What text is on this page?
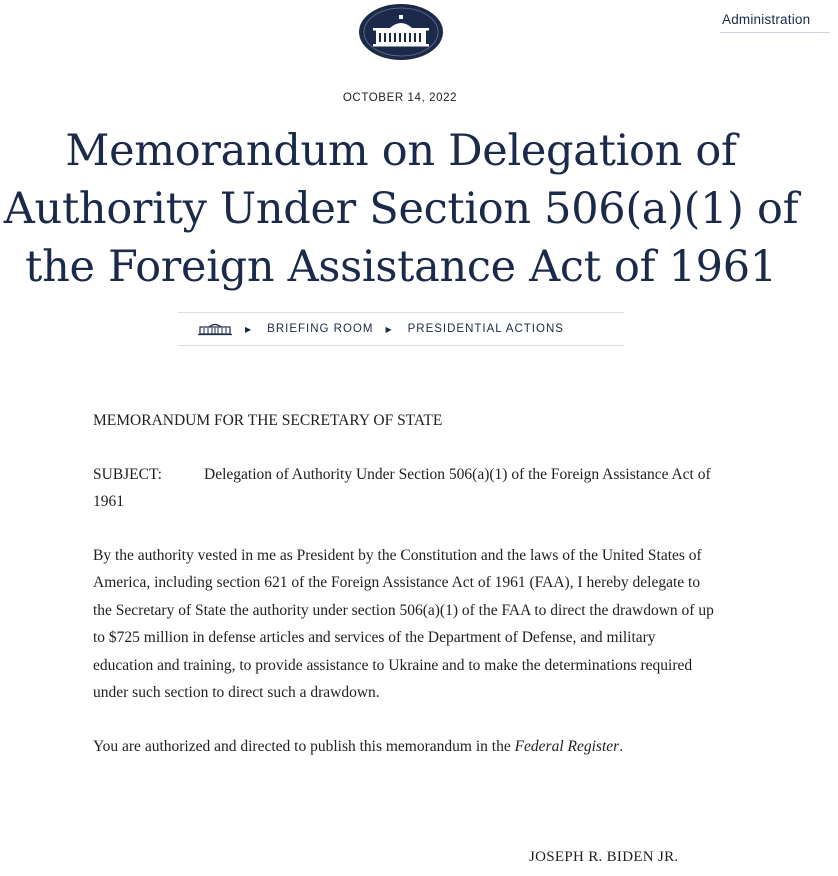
Administration
OCTOBER 14, 2022
Memorandum on Delegation of Authority Under Section 506(a)(1) of the Foreign Assistance Act of 1961
▶ BRIEFING ROOM ▶ PRESIDENTIAL ACTIONS

MEMORANDUM FOR THE SECRETARY OF STATE

SUBJECT:	Delegation of Authority Under Section 506(a)(1) of the Foreign Assistance Act of 1961

By the authority vested in me as President by the Constitution and the laws of the United States of America, including section 621 of the Foreign Assistance Act of 1961 (FAA), I hereby delegate to the Secretary of State the authority under section 506(a)(1) of the FAA to direct the drawdown of up to $725 million in defense articles and services of the Department of Defense, and military education and training, to provide assistance to Ukraine and to make the determinations required under such section to direct such a drawdown.

You are authorized and directed to publish this memorandum in the Federal Register.

JOSEPH R. BIDEN JR.
